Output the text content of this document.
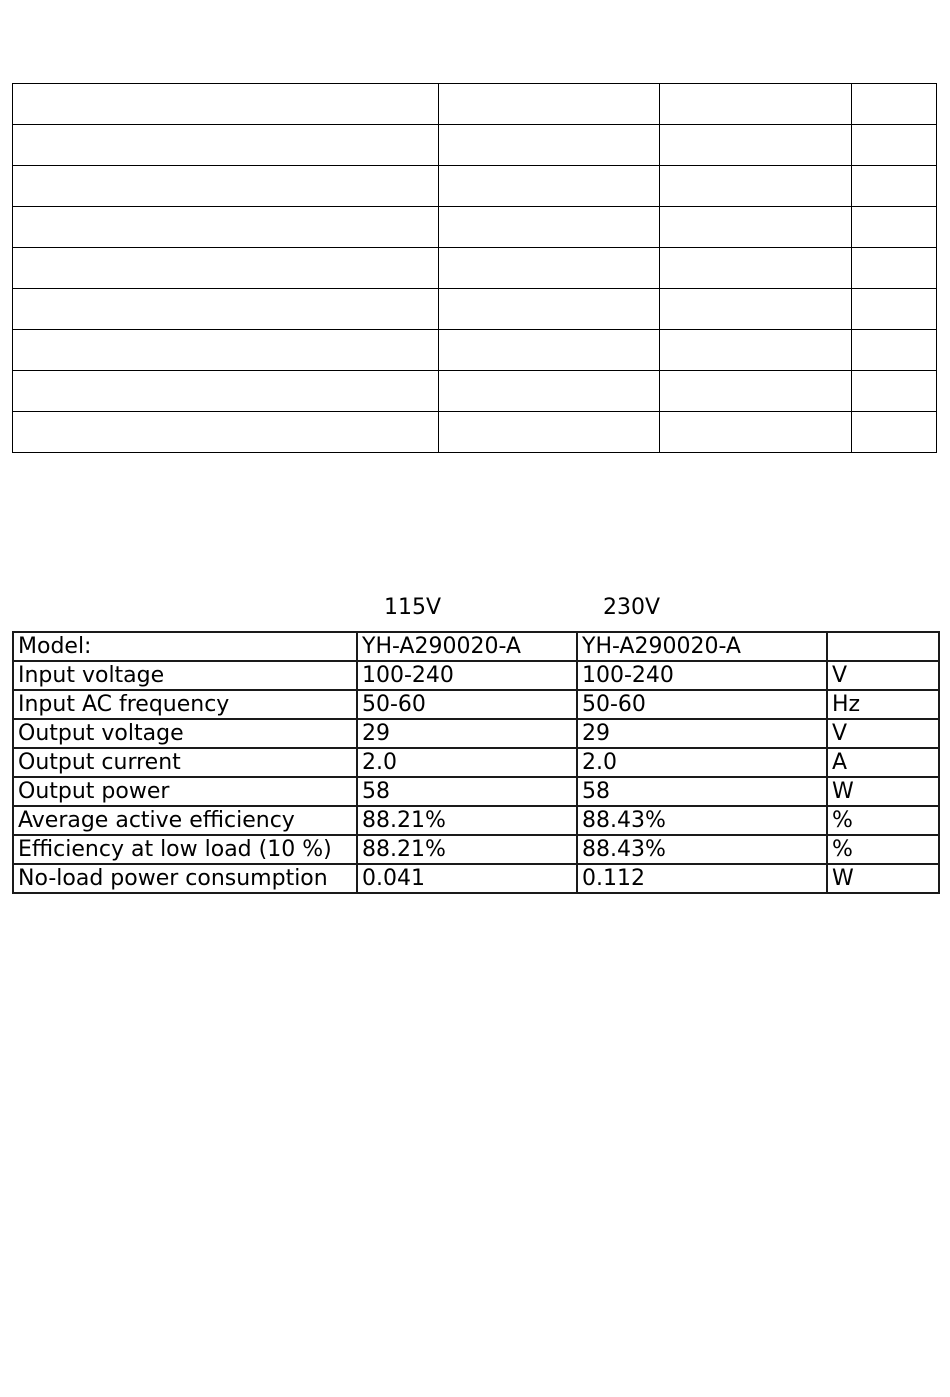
115V	230V
Model:	YH-A290020-A	YH-A290020-A	
Input voltage	100-240	100-240	V
Input AC frequency	50-60	50-60	Hz
Output voltage	29	29	V
Output current	2.0	2.0	A
Output power	58	58	W
Average active efficiency	88.21%	88.43%	%
Efficiency at low load (10 %)	88.21%	88.43%	%
No-load power consumption	0.041	0.112	W
